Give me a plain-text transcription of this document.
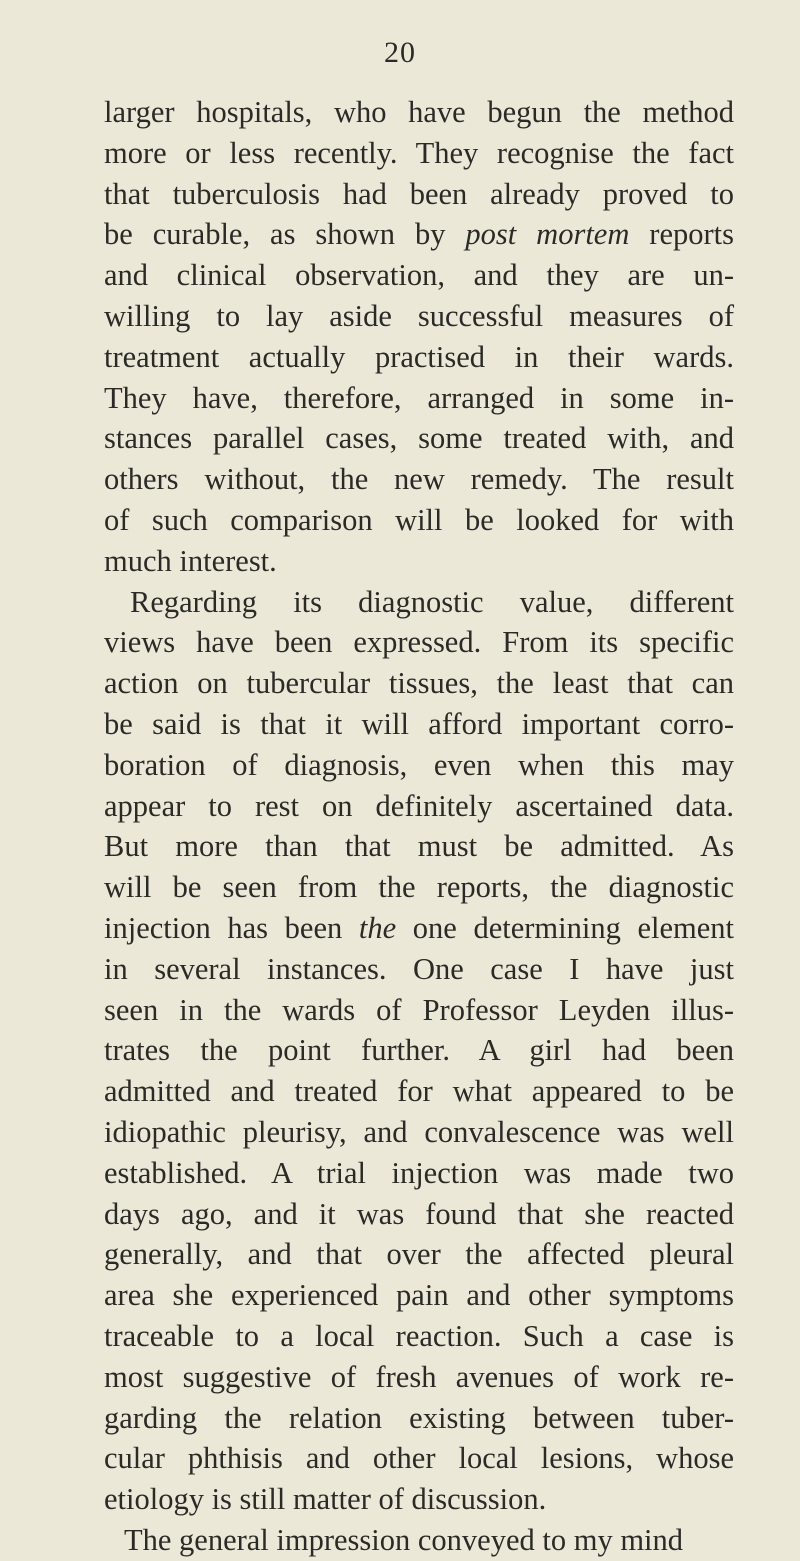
20
larger hospitals, who have begun the method
more or less recently. They recognise the fact
that tuberculosis had been already proved to
be curable, as shown by post mortem reports
and clinical observation, and they are un-
willing to lay aside successful measures of
treatment actually practised in their wards.
They have, therefore, arranged in some in-
stances parallel cases, some treated with, and
others without, the new remedy. The result
of such comparison will be looked for with
much interest.
Regarding its diagnostic value, different
views have been expressed. From its specific
action on tubercular tissues, the least that can
be said is that it will afford important corro-
boration of diagnosis, even when this may
appear to rest on definitely ascertained data.
But more than that must be admitted. As
will be seen from the reports, the diagnostic
injection has been the one determining element
in several instances. One case I have just
seen in the wards of Professor Leyden illus-
trates the point further. A girl had been
admitted and treated for what appeared to be
idiopathic pleurisy, and convalescence was well
established. A trial injection was made two
days ago, and it was found that she reacted
generally, and that over the affected pleural
area she experienced pain and other symptoms
traceable to a local reaction. Such a case is
most suggestive of fresh avenues of work re-
garding the relation existing between tuber-
cular phthisis and other local lesions, whose
etiology is still matter of discussion.
The general impression conveyed to my mind
